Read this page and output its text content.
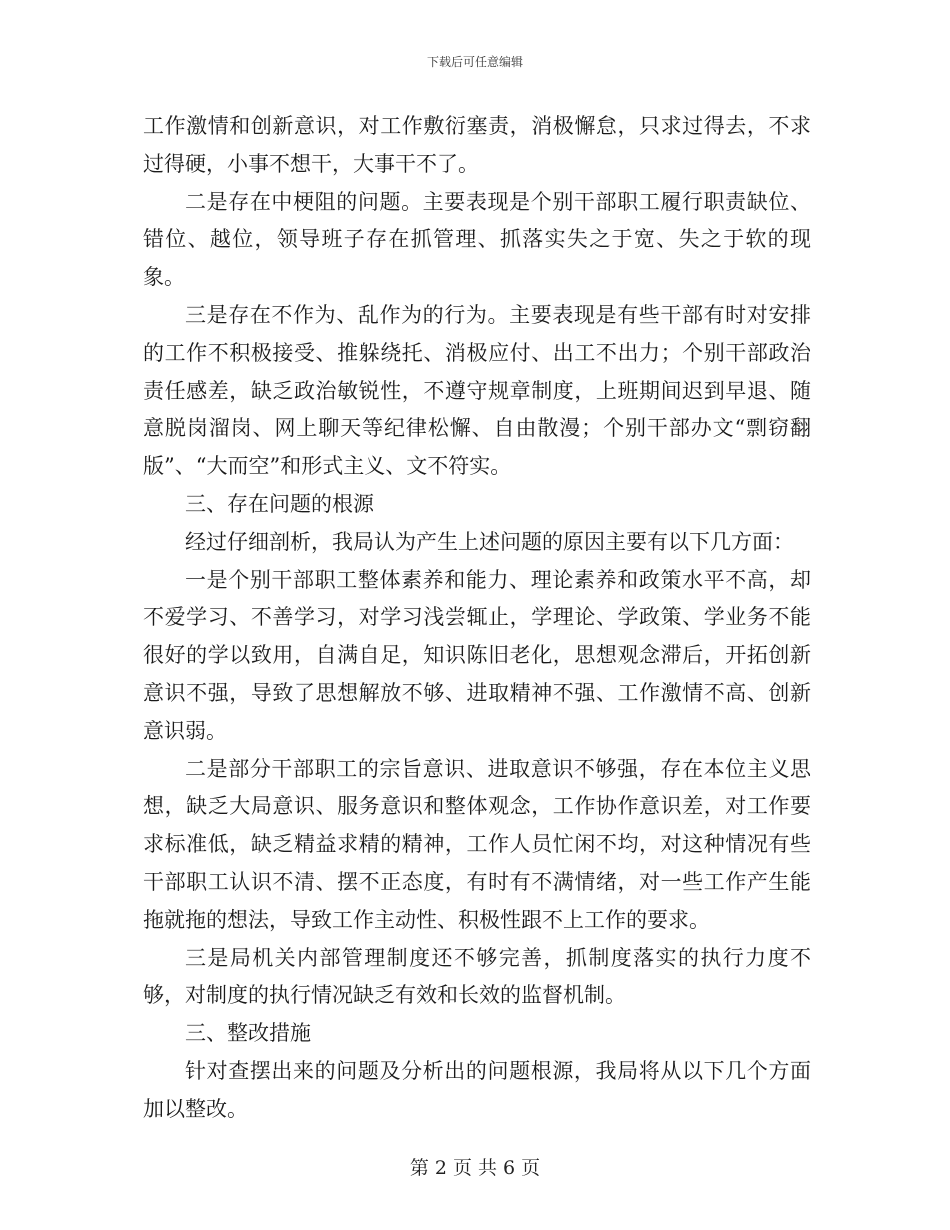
下载后可任意编辑

工作激情和创新意识，对工作敷衍塞责，消极懈怠，只求过得去，不求过得硬，小事不想干，大事干不了。

二是存在中梗阻的问题。主要表现是个别干部职工履行职责缺位、错位、越位，领导班子存在抓管理、抓落实失之于宽、失之于软的现象。

三是存在不作为、乱作为的行为。主要表现是有些干部有时对安排的工作不积极接受、推躲绕托、消极应付、出工不出力；个别干部政治责任感差，缺乏政治敏锐性，不遵守规章制度，上班期间迟到早退、随意脱岗溜岗、网上聊天等纪律松懈、自由散漫；个别干部办文“剽窃翻版”、“大而空”和形式主义、文不符实。

三、存在问题的根源

经过仔细剖析，我局认为产生上述问题的原因主要有以下几方面：

一是个别干部职工整体素养和能力、理论素养和政策水平不高，却不爱学习、不善学习，对学习浅尝辄止，学理论、学政策、学业务不能很好的学以致用，自满自足，知识陈旧老化，思想观念滞后，开拓创新意识不强，导致了思想解放不够、进取精神不强、工作激情不高、创新意识弱。

二是部分干部职工的宗旨意识、进取意识不够强，存在本位主义思想，缺乏大局意识、服务意识和整体观念，工作协作意识差，对工作要求标准低，缺乏精益求精的精神，工作人员忙闲不均，对这种情况有些干部职工认识不清、摆不正态度，有时有不满情绪，对一些工作产生能拖就拖的想法，导致工作主动性、积极性跟不上工作的要求。

三是局机关内部管理制度还不够完善，抓制度落实的执行力度不够，对制度的执行情况缺乏有效和长效的监督机制。

三、整改措施

针对查摆出来的问题及分析出的问题根源，我局将从以下几个方面加以整改。

第 2 页 共 6 页
